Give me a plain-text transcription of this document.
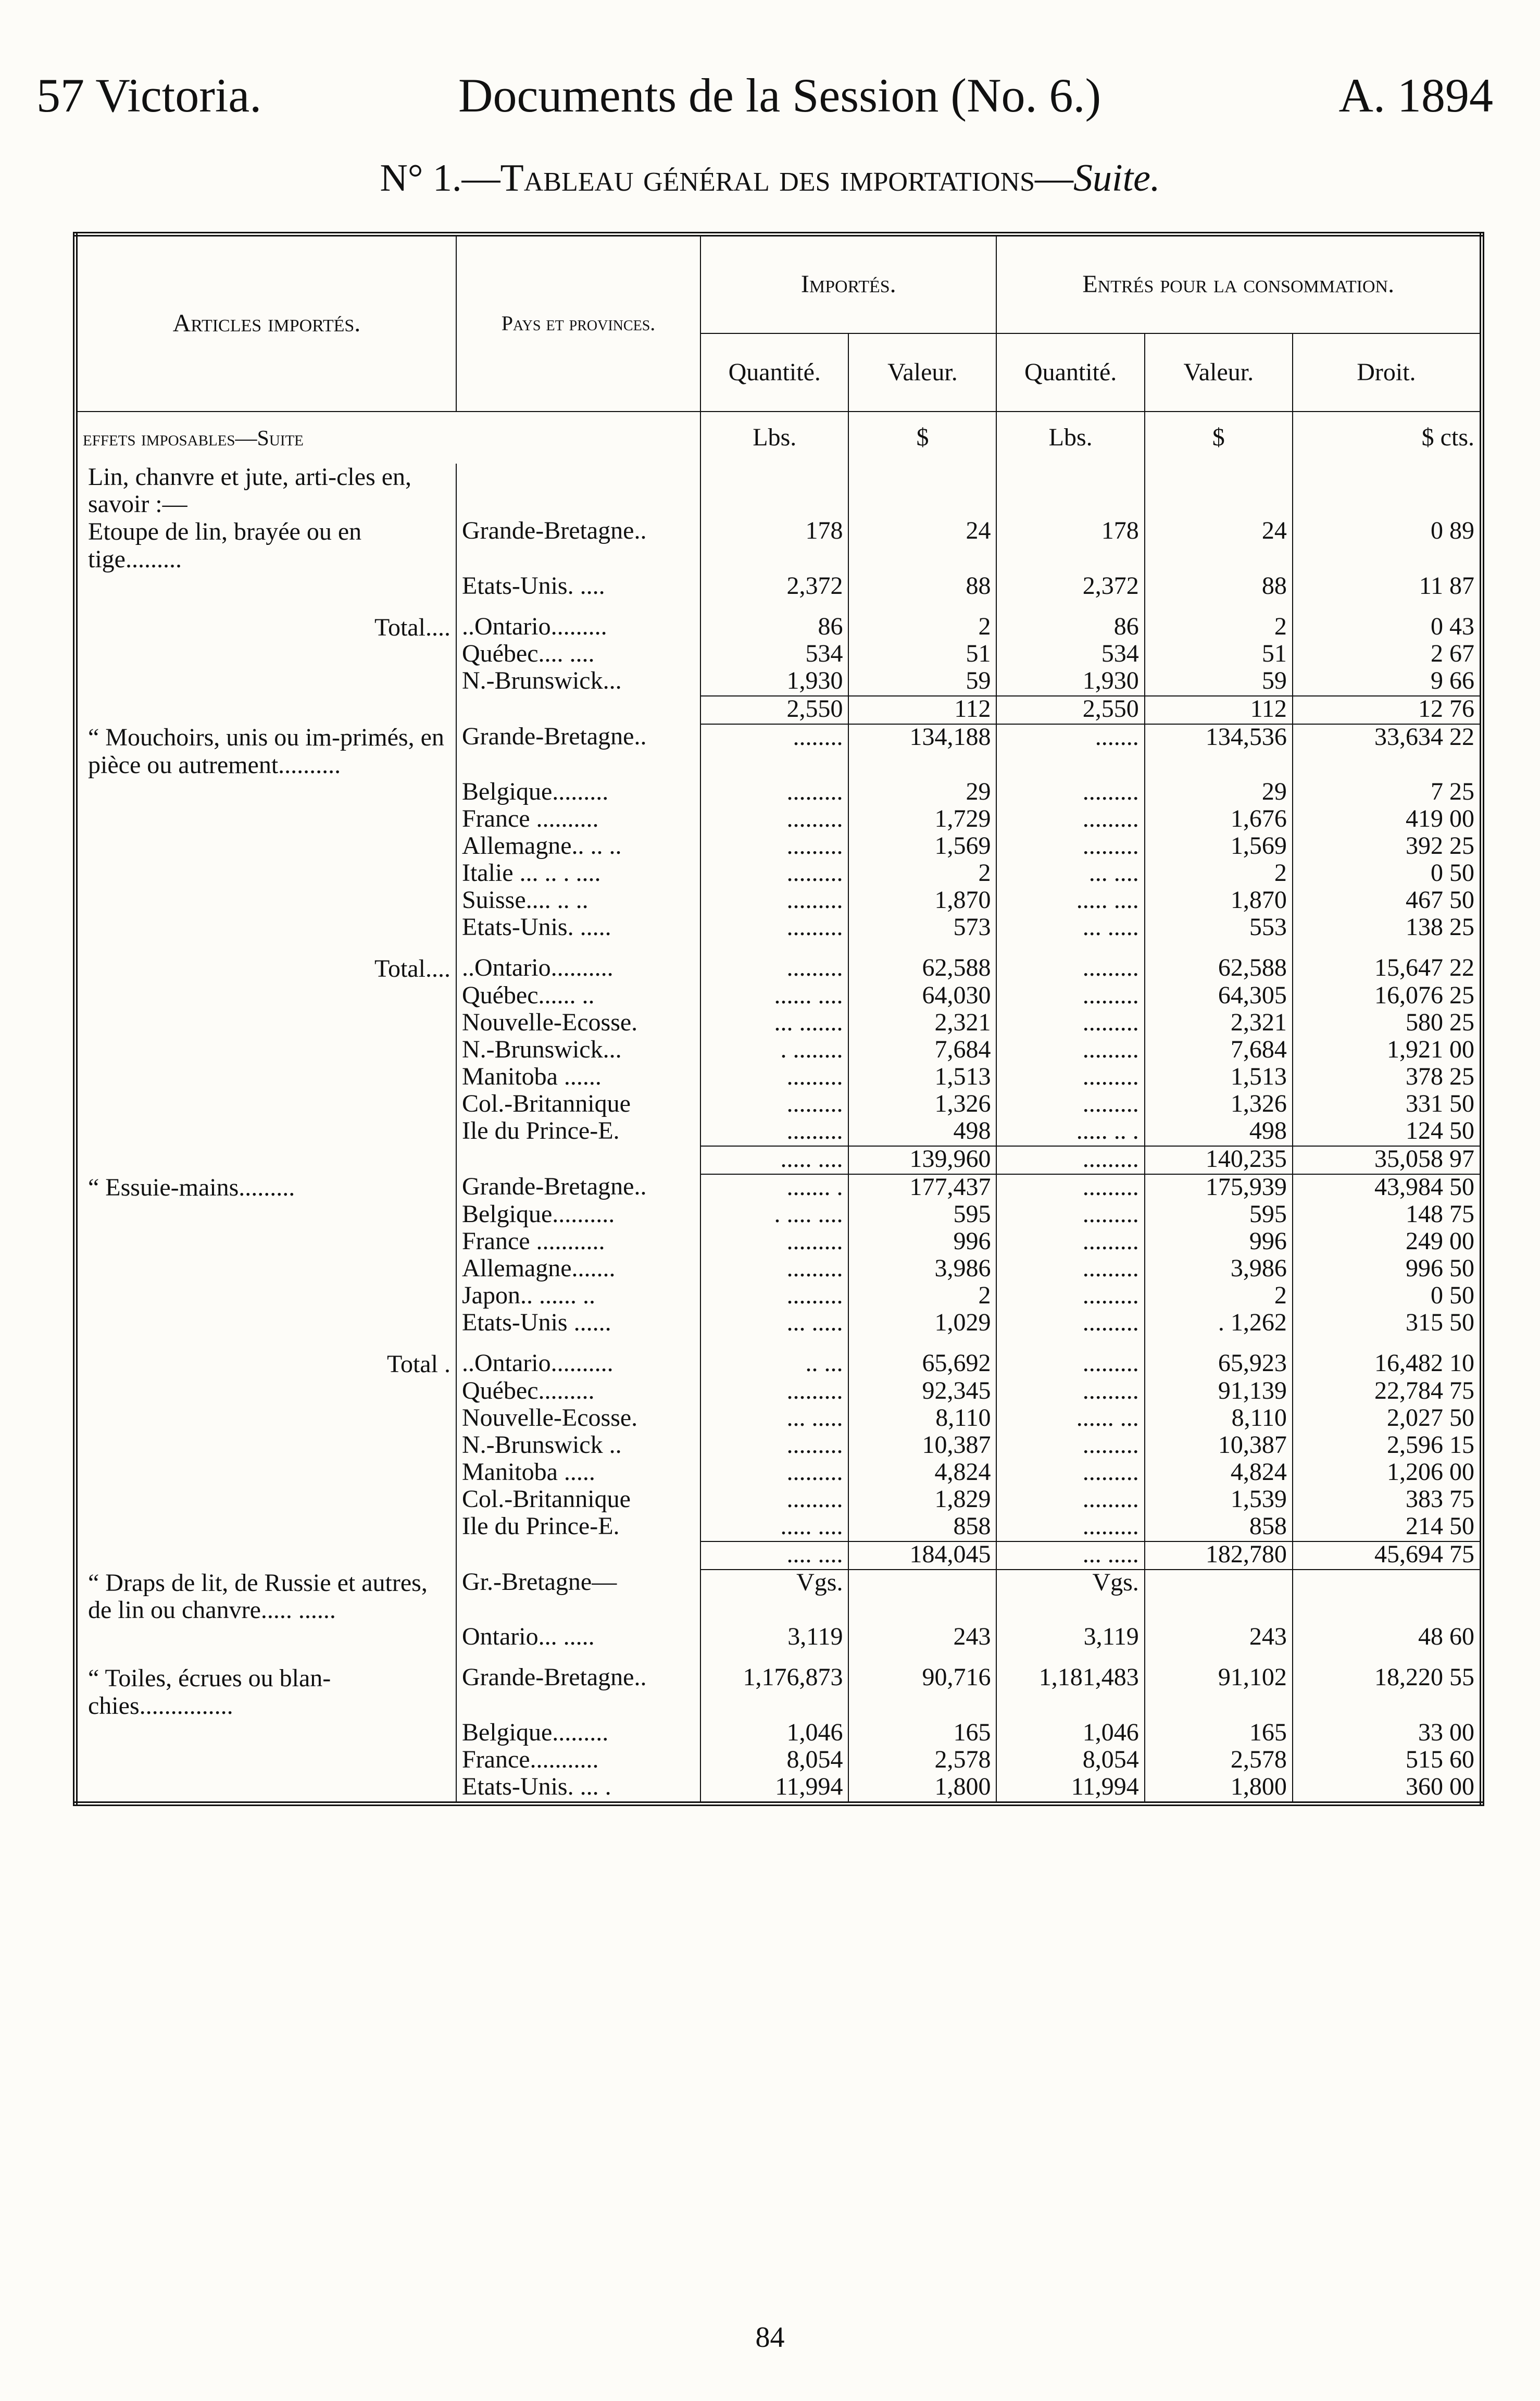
57 Victoria.	Documents de la Session (No. 6.)	A. 1894
N° 1.—Tableau général des importations—Suite.
Articles importés.	Pays et provinces.	Importés.		Entrés pour la consommation.		
		Quantité.	Valeur.	Quantité.	Valeur.	Droit.
effets imposables—Suite		Lbs.	$	Lbs.	$	$ cts.
Lin, chanvre et jute, arti-cles en, savoir :—						
Etoupe de lin, brayée ou en tige.........	Grande-Bretagne..	178	24	178	24	0 89
	Etats-Unis. ....	2,372	88	2,372	88	11 87

Total....	..Ontario.........	86	2	86	2	0 43
	Québec.... ....	534	51	534	51	2 67
	N.-Brunswick...	1,930	59	1,930	59	9 66
		2,550	112	2,550	112	12 76
“ Mouchoirs, unis ou im-primés, en pièce ou autrement..........	Grande-Bretagne..	........	134,188	.......	134,536	33,634 22
	Belgique.........	.........	29	.........	29	7 25
	France ..........	.........	1,729	.........	1,676	419 00
	Allemagne.. .. ..	.........	1,569	.........	1,569	392 25
	Italie ... .. . ....	.........	2	... ....	2	0 50
	Suisse.... .. ..	.........	1,870	..... ....	1,870	467 50
	Etats-Unis. .....	.........	573	... .....	553	138 25

Total....	..Ontario..........	.........	62,588	.........	62,588	15,647 22
	Québec...... ..	...... ....	64,030	.........	64,305	16,076 25
	Nouvelle-Ecosse.	... .......	2,321	.........	2,321	580 25
	N.-Brunswick...	. ........	7,684	.........	7,684	1,921 00
	Manitoba ......	.........	1,513	.........	1,513	378 25
	Col.-Britannique	.........	1,326	.........	1,326	331 50
	Ile du Prince-E.	.........	498	..... .. .	498	124 50
		..... ....	139,960	.........	140,235	35,058 97
“ Essuie-mains.........	Grande-Bretagne..	....... .	177,437	.........	175,939	43,984 50
	Belgique..........	. .... ....	595	.........	595	148 75
	France ...........	.........	996	.........	996	249 00
	Allemagne.......	.........	3,986	.........	3,986	996 50
	Japon.. ...... ..	.........	2	.........	2	0 50
	Etats-Unis ......	... .....	1,029	.........	. 1,262	315 50

Total .	..Ontario..........	.. ...	65,692	.........	65,923	16,482 10
	Québec.........	.........	92,345	.........	91,139	22,784 75
	Nouvelle-Ecosse.	... .....	8,110	...... ...	8,110	2,027 50
	N.-Brunswick ..	.........	10,387	.........	10,387	2,596 15
	Manitoba .....	.........	4,824	.........	4,824	1,206 00
	Col.-Britannique	.........	1,829	.........	1,539	383 75
	Ile du Prince-E.	..... ....	858	.........	858	214 50
		.... ....	184,045	... .....	182,780	45,694 75
“ Draps de lit, de Russie et autres, de lin ou chanvre..... ......	Gr.-Bretagne—	Vgs.		Vgs.		
	Ontario... .....	3,119	243	3,119	243	48 60

“ Toiles, écrues ou blan-chies...............	Grande-Bretagne..	1,176,873	90,716	1,181,483	91,102	18,220 55
	Belgique.........	1,046	165	1,046	165	33 00
	France...........	8,054	2,578	8,054	2,578	515 60
	Etats-Unis. ... .	11,994	1,800	11,994	1,800	360 00
84
